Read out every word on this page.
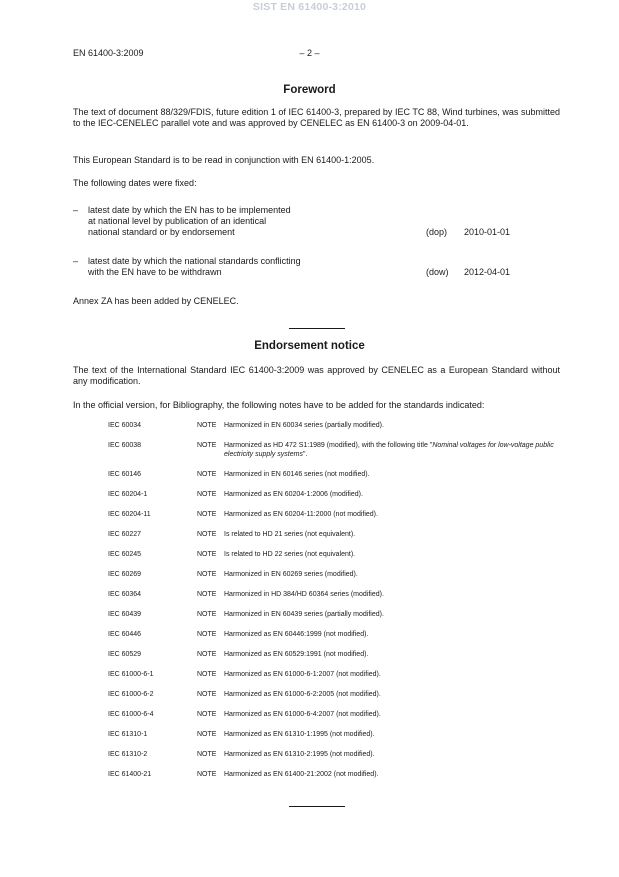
SIST EN 61400-3:2010
EN 61400-3:2009	– 2 –
Foreword
The text of document 88/329/FDIS, future edition 1 of IEC 61400-3, prepared by IEC TC 88, Wind turbines, was submitted to the IEC-CENELEC parallel vote and was approved by CENELEC as EN 61400-3 on 2009-04-01.
This European Standard is to be read in conjunction with EN 61400-1:2005.
The following dates were fixed:
– latest date by which the EN has to be implemented
at national level by publication of an identical
national standard or by endorsement	(dop)	2010-01-01
– latest date by which the national standards conflicting
with the EN have to be withdrawn	(dow)	2012-04-01
Annex ZA has been added by CENELEC.
Endorsement notice
The text of the International Standard IEC 61400-3:2009 was approved by CENELEC as a European Standard without any modification.
In the official version, for Bibliography, the following notes have to be added for the standards indicated:
IEC 60034	NOTE	Harmonized in EN 60034 series (partially modified).
IEC 60038	NOTE	Harmonized as HD 472 S1:1989 (modified), with the following title "Nominal voltages for low-voltage public electricity supply systems".
IEC 60146	NOTE	Harmonized in EN 60146 series (not modified).
IEC 60204-1	NOTE	Harmonized as EN 60204-1:2006 (modified).
IEC 60204-11	NOTE	Harmonized as EN 60204-11:2000 (not modified).
IEC 60227	NOTE	Is related to HD 21 series (not equivalent).
IEC 60245	NOTE	Is related to HD 22 series (not equivalent).
IEC 60269	NOTE	Harmonized in EN 60269 series (modified).
IEC 60364	NOTE	Harmonized in HD 384/HD 60364 series (modified).
IEC 60439	NOTE	Harmonized in EN 60439 series (partially modified).
IEC 60446	NOTE	Harmonized as EN 60446:1999 (not modified).
IEC 60529	NOTE	Harmonized as EN 60529:1991 (not modified).
IEC 61000-6-1	NOTE	Harmonized as EN 61000-6-1:2007 (not modified).
IEC 61000-6-2	NOTE	Harmonized as EN 61000-6-2:2005 (not modified).
IEC 61000-6-4	NOTE	Harmonized as EN 61000-6-4:2007 (not modified).
IEC 61310-1	NOTE	Harmonized as EN 61310-1:1995 (not modified).
IEC 61310-2	NOTE	Harmonized as EN 61310-2:1995 (not modified).
IEC 61400-21	NOTE	Harmonized as EN 61400-21:2002 (not modified).
